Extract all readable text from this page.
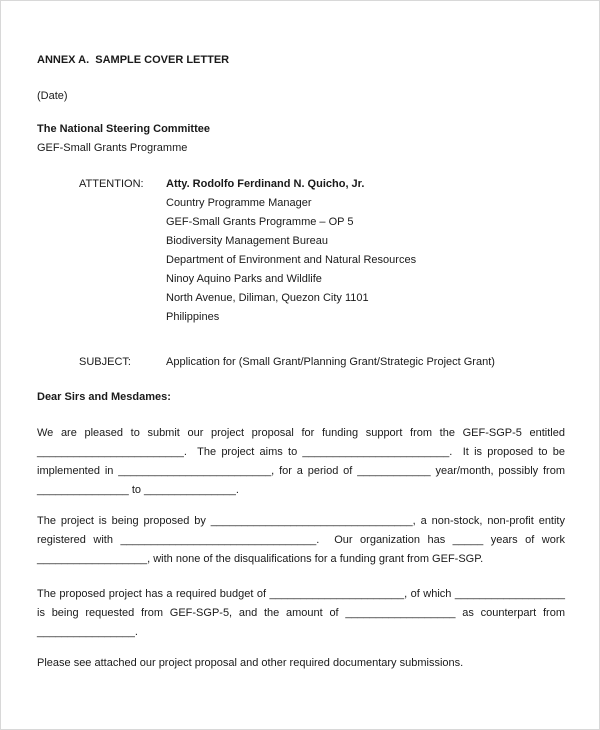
ANNEX A.  SAMPLE COVER LETTER

(Date)

The National Steering Committee

GEF-Small Grants Programme

ATTENTION:	Atty. Rodolfo Ferdinand N. Quicho, Jr.

Country Programme Manager

GEF-Small Grants Programme – OP 5

Biodiversity Management Bureau

Department of Environment and Natural Resources

Ninoy Aquino Parks and Wildlife

North Avenue, Diliman, Quezon City 1101

Philippines

SUBJECT:	Application for (Small Grant/Planning Grant/Strategic Project Grant)

Dear Sirs and Mesdames:

We are pleased to submit our project proposal for funding support from the GEF-SGP-5 entitled ________________________.  The project aims to ________________________.  It is proposed to be implemented in _________________________, for a period of ____________ year/month, possibly from _______________ to _______________.

The project is being proposed by _________________________________, a non-stock, non-profit entity registered with ________________________________.  Our organization has _____ years of work __________________, with none of the disqualifications for a funding grant from GEF-SGP.

The proposed project has a required budget of ______________________, of which __________________ is being requested from GEF-SGP-5, and the amount of __________________ as counterpart from ________________.

Please see attached our project proposal and other required documentary submissions.
